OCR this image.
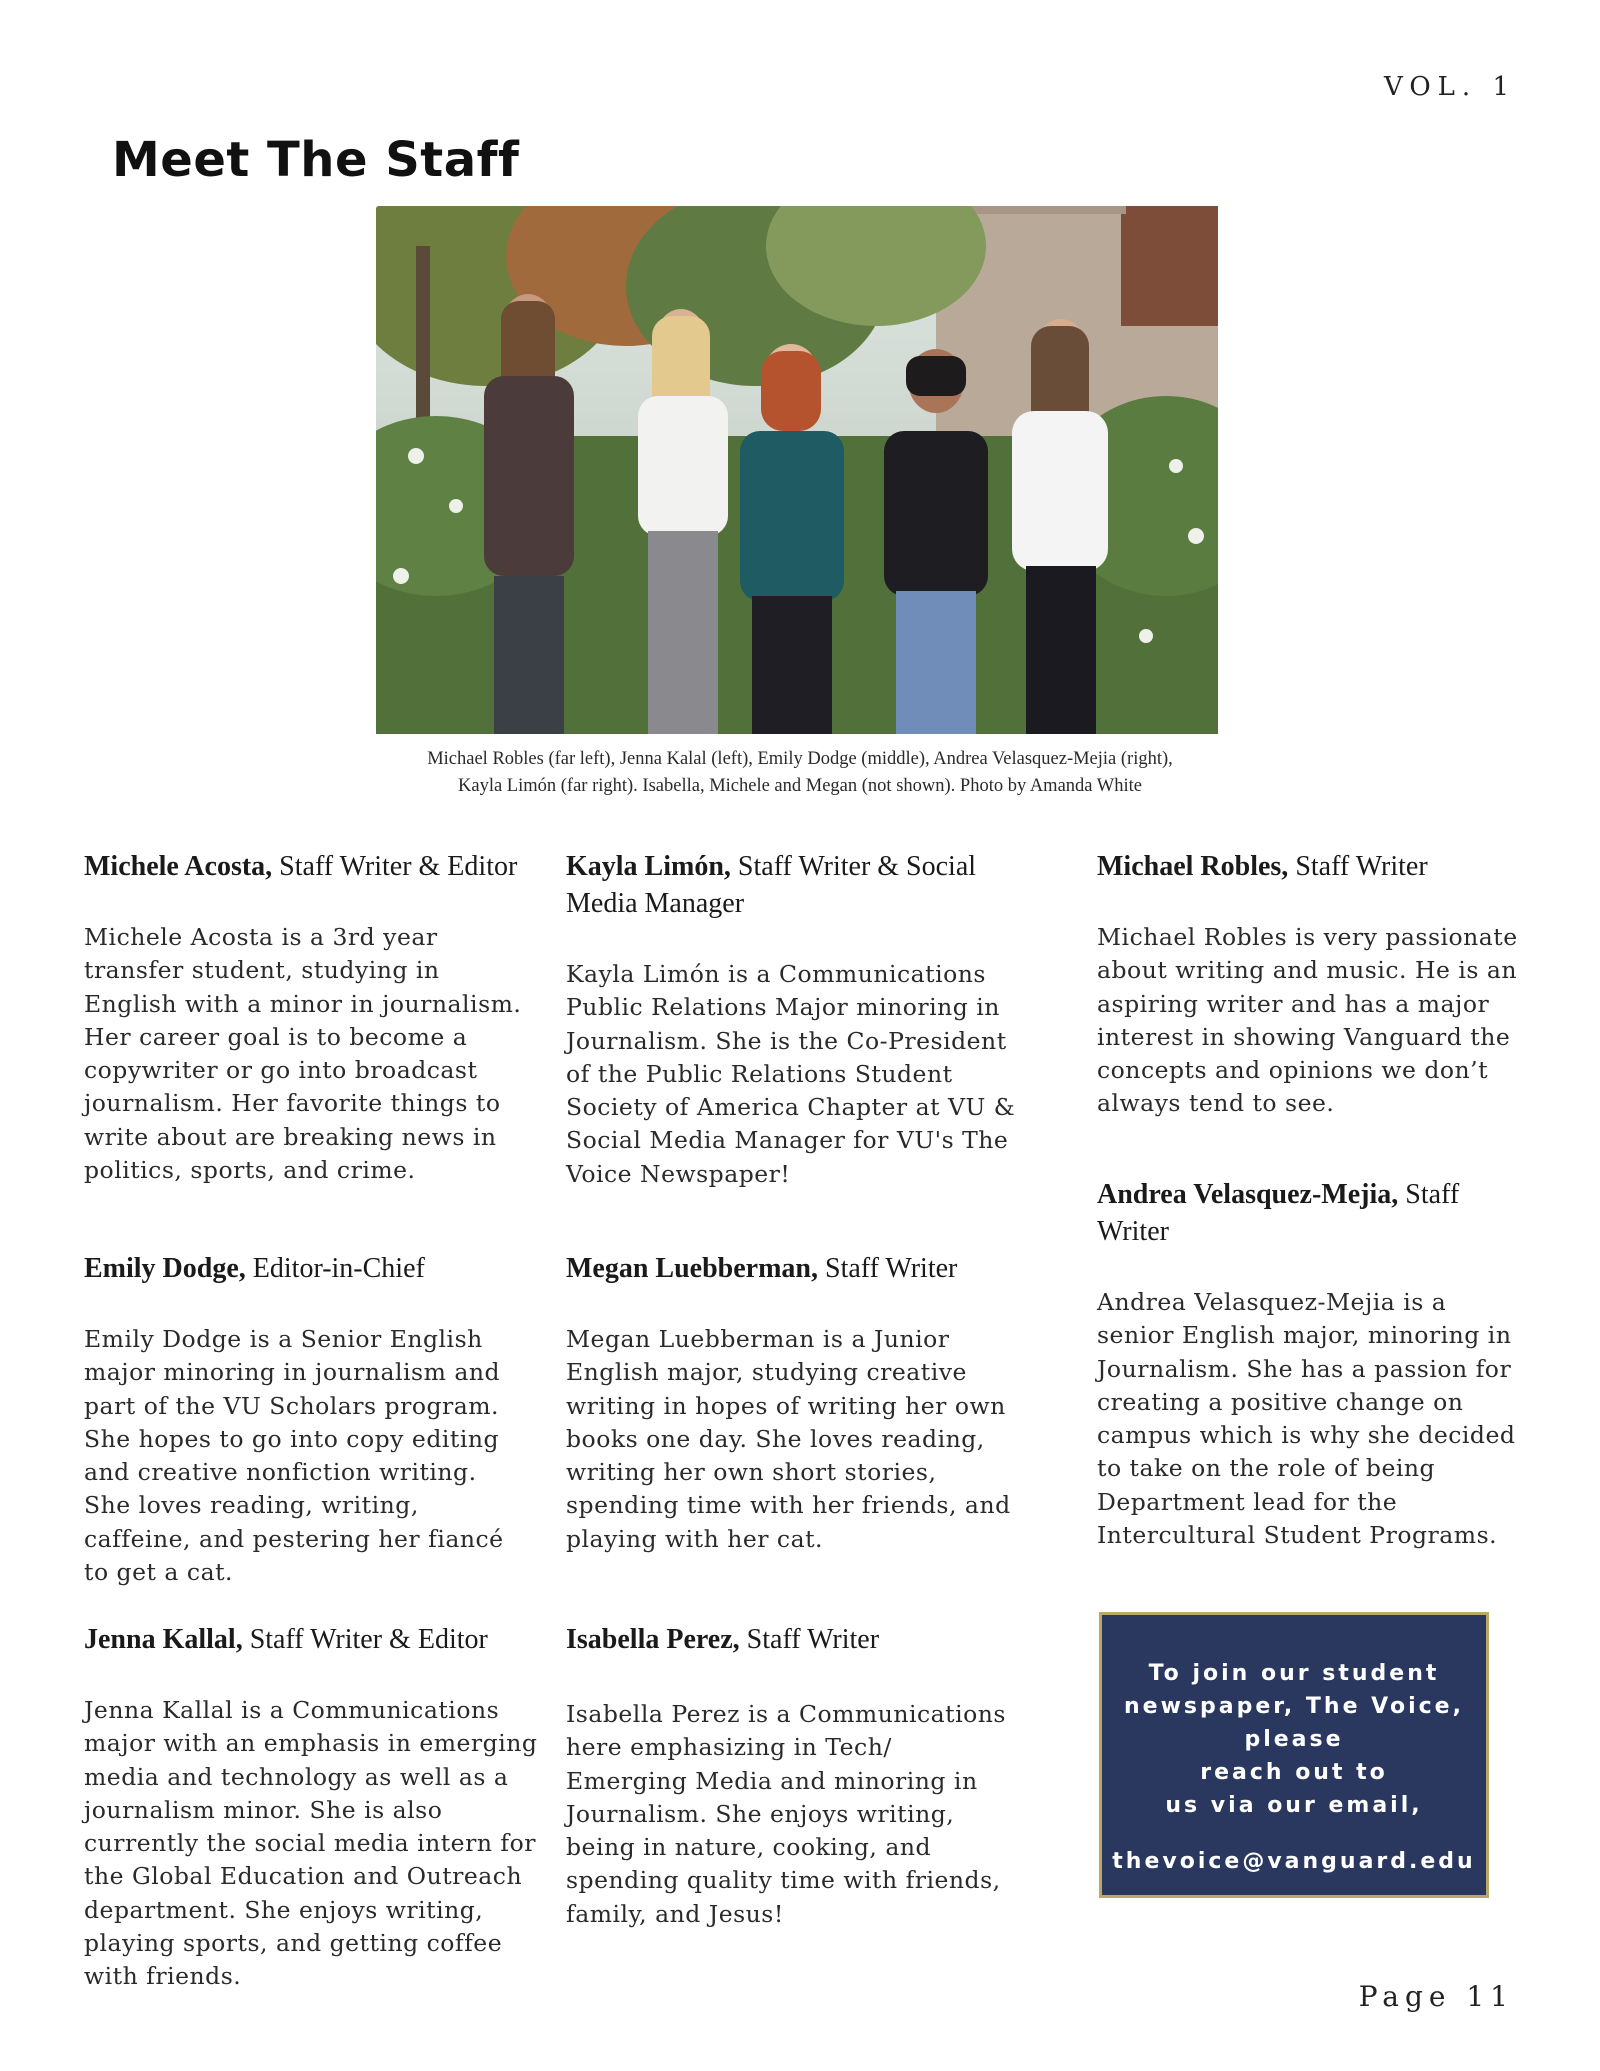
VOL. 1
Meet The Staff
Michael Robles (far left), Jenna Kalal (left), Emily Dodge (middle), Andrea Velasquez-Mejia (right),
Kayla Limón (far right). Isabella, Michele and Megan (not shown). Photo by Amanda White
Michele Acosta, Staff Writer & Editor
Michele Acosta is a 3rd year transfer student, studying in English with a minor in journalism. Her career goal is to become a copywriter or go into broadcast journalism. Her favorite things to write about are breaking news in politics, sports, and crime.
Emily Dodge, Editor-in-Chief
Emily Dodge is a Senior English major minoring in journalism and part of the VU Scholars program. She hopes to go into copy editing and creative nonfiction writing. She loves reading, writing, caffeine, and pestering her fiancé to get a cat.
Jenna Kallal, Staff Writer & Editor
Jenna Kallal is a Communications major with an emphasis in emerging media and technology as well as a journalism minor. She is also currently the social media intern for the Global Education and Outreach department. She enjoys writing, playing sports, and getting coffee with friends.
Kayla Limón, Staff Writer & Social Media Manager
Kayla Limón is a Communications Public Relations Major minoring in Journalism. She is the Co-President of the Public Relations Student Society of America Chapter at VU & Social Media Manager for VU's The Voice Newspaper!
Megan Luebberman, Staff Writer
Megan Luebberman is a Junior English major, studying creative writing in hopes of writing her own books one day. She loves reading, writing her own short stories, spending time with her friends, and playing with her cat.
Isabella Perez, Staff Writer
Isabella Perez is a Communications here emphasizing in Tech/ Emerging Media and minoring in Journalism. She enjoys writing, being in nature, cooking, and spending quality time with friends, family, and Jesus!
Michael Robles, Staff Writer
Michael Robles is very passionate about writing and music. He is an aspiring writer and has a major interest in showing Vanguard the concepts and opinions we don’t always tend to see.
Andrea Velasquez-Mejia, Staff Writer
Andrea Velasquez-Mejia is a senior English major, minoring in Journalism. She has a passion for creating a positive change on campus which is why she decided to take on the role of being Department lead for the Intercultural Student Programs.
To join our student
newspaper, The Voice,
please
reach out to
us via our email,
thevoice@vanguard.edu
Page 11
